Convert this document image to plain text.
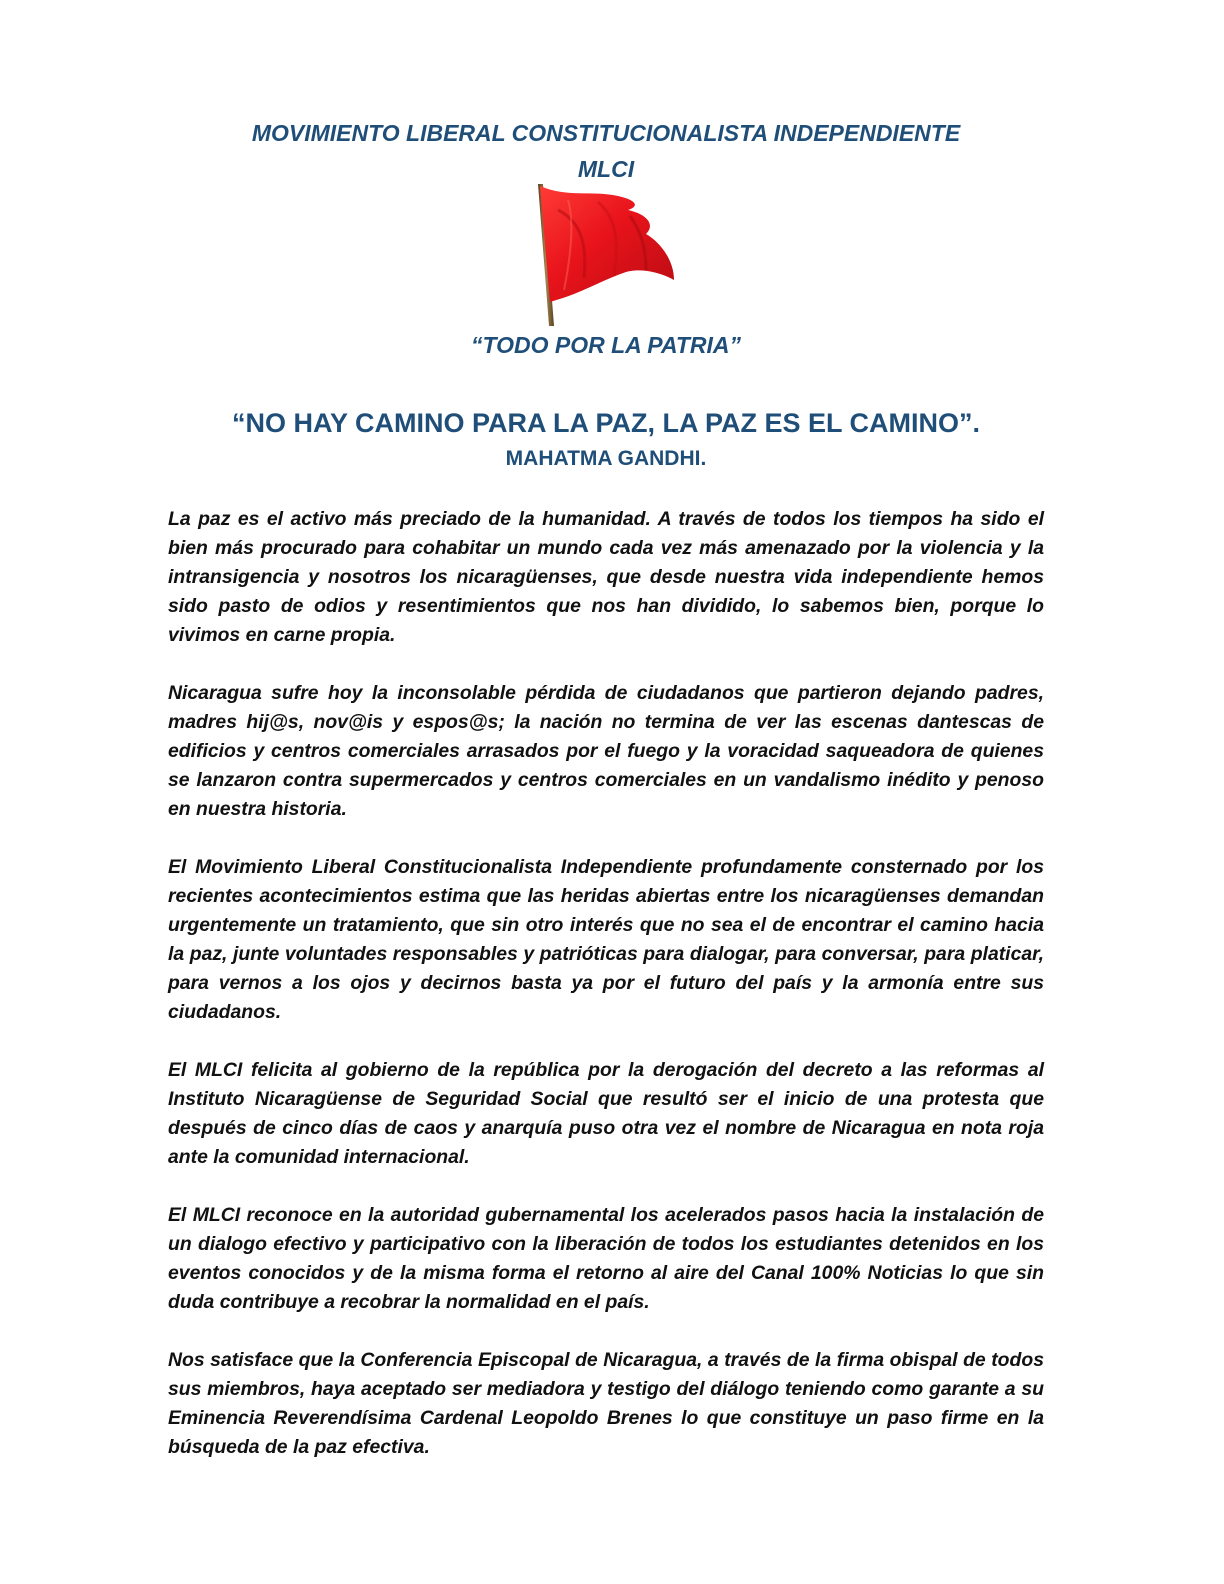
MOVIMIENTO LIBERAL CONSTITUCIONALISTA INDEPENDIENTE
MLCI
“TODO POR LA PATRIA”
“NO HAY CAMINO PARA LA PAZ, LA PAZ ES EL CAMINO”.
MAHATMA GANDHI.

La paz es el activo más preciado de la humanidad. A través de todos los tiempos ha sido el bien más procurado para cohabitar un mundo cada vez más amenazado por la violencia y la intransigencia y nosotros los nicaragüenses, que desde nuestra vida independiente hemos sido pasto de odios y resentimientos que nos han dividido, lo sabemos bien, porque lo vivimos en carne propia.

Nicaragua sufre hoy la inconsolable pérdida de ciudadanos que partieron dejando padres, madres hij@s, nov@is y espos@s; la nación no termina de ver las escenas dantescas de edificios y centros comerciales arrasados por el fuego y la voracidad saqueadora de quienes se lanzaron contra supermercados y centros comerciales en un vandalismo inédito y penoso en nuestra historia.

El Movimiento Liberal Constitucionalista Independiente profundamente consternado por los recientes acontecimientos estima que las heridas abiertas entre los nicaragüenses demandan urgentemente un tratamiento, que sin otro interés que no sea el de encontrar el camino hacia la paz, junte voluntades responsables y patrióticas para dialogar, para conversar, para platicar, para vernos a los ojos y decirnos basta ya por el futuro del país y la armonía entre sus ciudadanos.

El MLCI felicita al gobierno de la república por la derogación del decreto a las reformas al Instituto Nicaragüense de Seguridad Social que resultó ser el inicio de una protesta que después de cinco días de caos y anarquía puso otra vez el nombre de Nicaragua en nota roja ante la comunidad internacional.

El MLCI reconoce en la autoridad gubernamental los acelerados pasos hacia la instalación de un dialogo efectivo y participativo con la liberación de todos los estudiantes detenidos en los eventos conocidos y de la misma forma el retorno al aire del Canal 100% Noticias lo que sin duda contribuye a recobrar la normalidad en el país.

Nos satisface que la Conferencia Episcopal de Nicaragua, a través de la firma obispal de todos sus miembros, haya aceptado ser mediadora y testigo del diálogo teniendo como garante a su Eminencia Reverendísima Cardenal Leopoldo Brenes lo que constituye un paso firme en la búsqueda de la paz efectiva.
